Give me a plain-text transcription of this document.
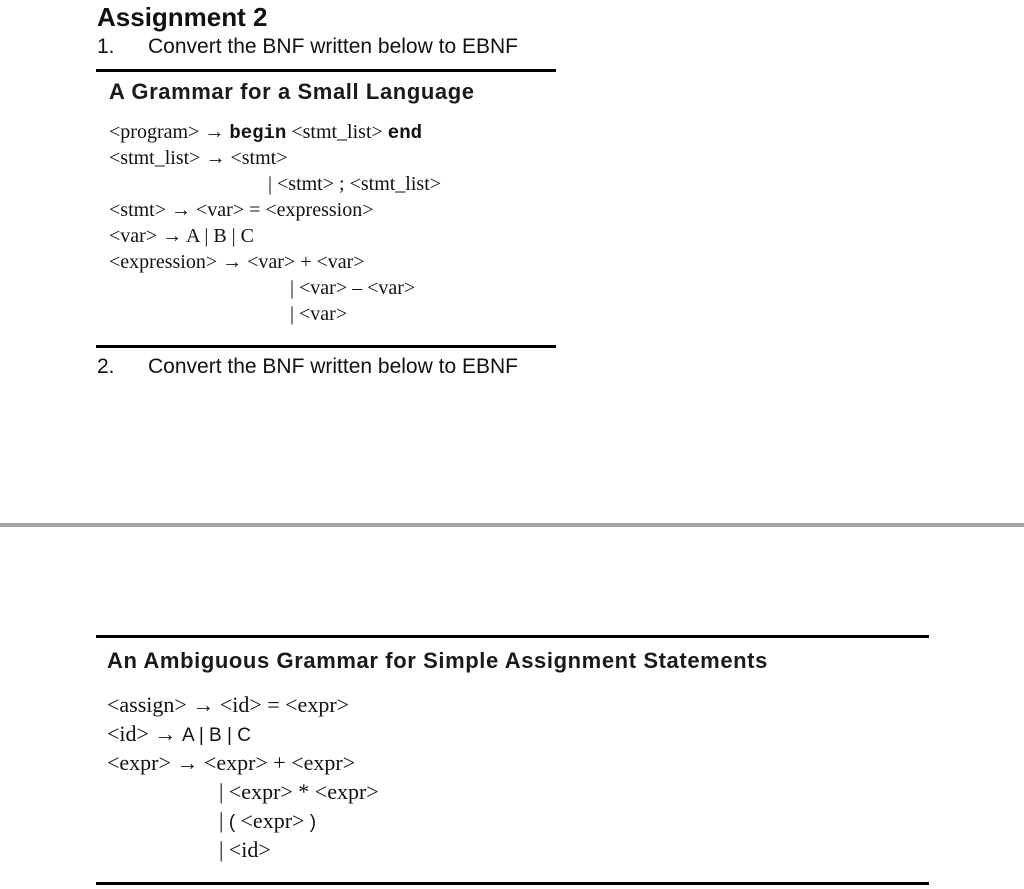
Assignment 2
1. Convert the BNF written below to EBNF
A Grammar for a Small Language
<program> → begin <stmt_list> end
<stmt_list> → <stmt>
| <stmt> ; <stmt_list>
<stmt> → <var> = <expression>
<var> → A | B | C
<expression> → <var> + <var>
| <var> – <var>
| <var>
2. Convert the BNF written below to EBNF
An Ambiguous Grammar for Simple Assignment Statements
<assign> → <id> = <expr>
<id> → A | B | C
<expr> → <expr> + <expr>
| <expr> * <expr>
| ( <expr> )
| <id>
